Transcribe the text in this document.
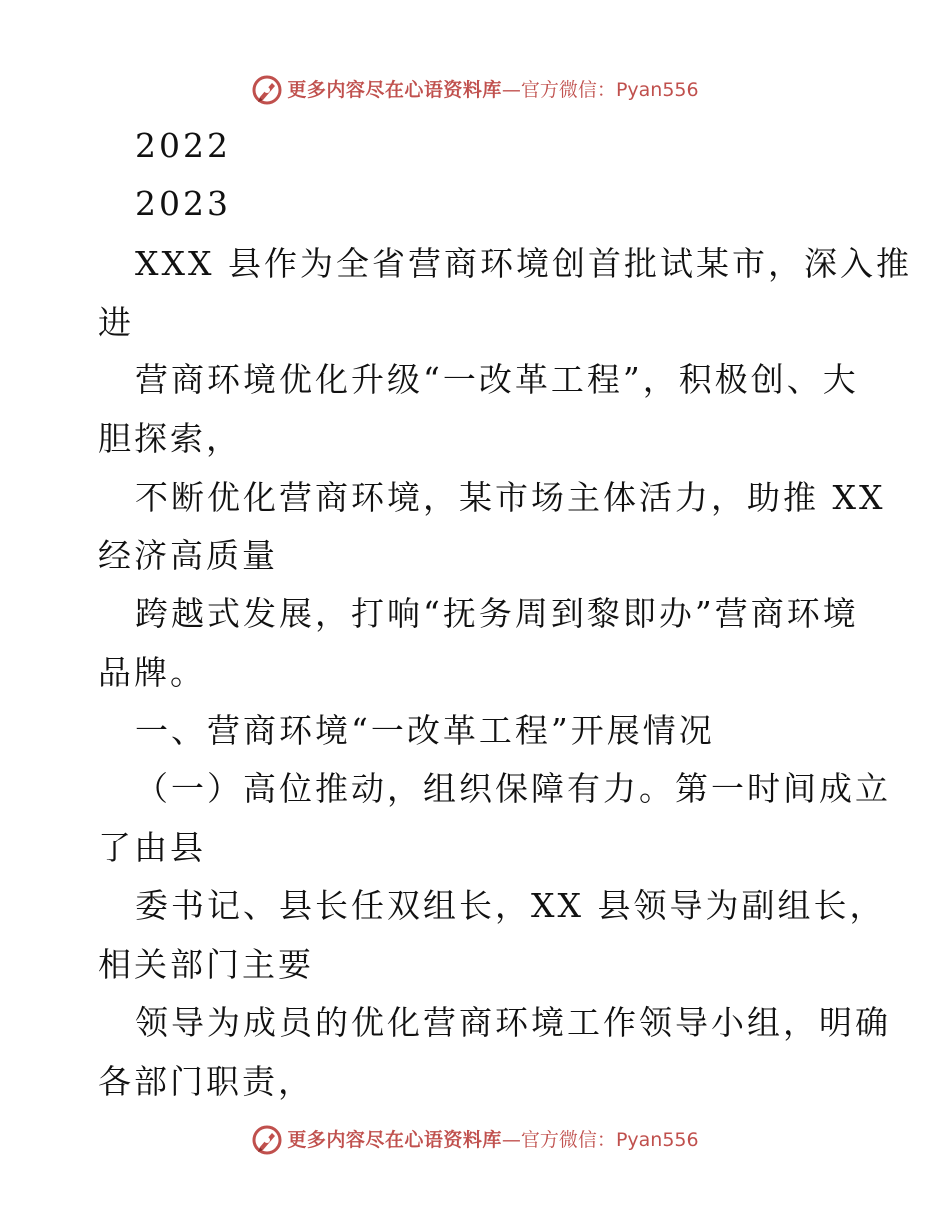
更多内容尽在心语资料库 —官方微信： Pyan556
2022
2023
XXX 县作为全省营商环境创首批试某市，深入推
进
营商环境优化升级“一改革工程”，积极创、大
胆探索，
不断优化营商环境，某市场主体活力，助推 XX
经济高质量
跨越式发展，打响“抚务周到黎即办”营商环境
品牌。
一、营商环境“一改革工程”开展情况
（一）高位推动，组织保障有力。第一时间成立
了由县
委书记、县长任双组长，XX 县领导为副组长，
相关部门主要
领导为成员的优化营商环境工作领导小组，明确
各部门职责，
更多内容尽在心语资料库 —官方微信： Pyan556
